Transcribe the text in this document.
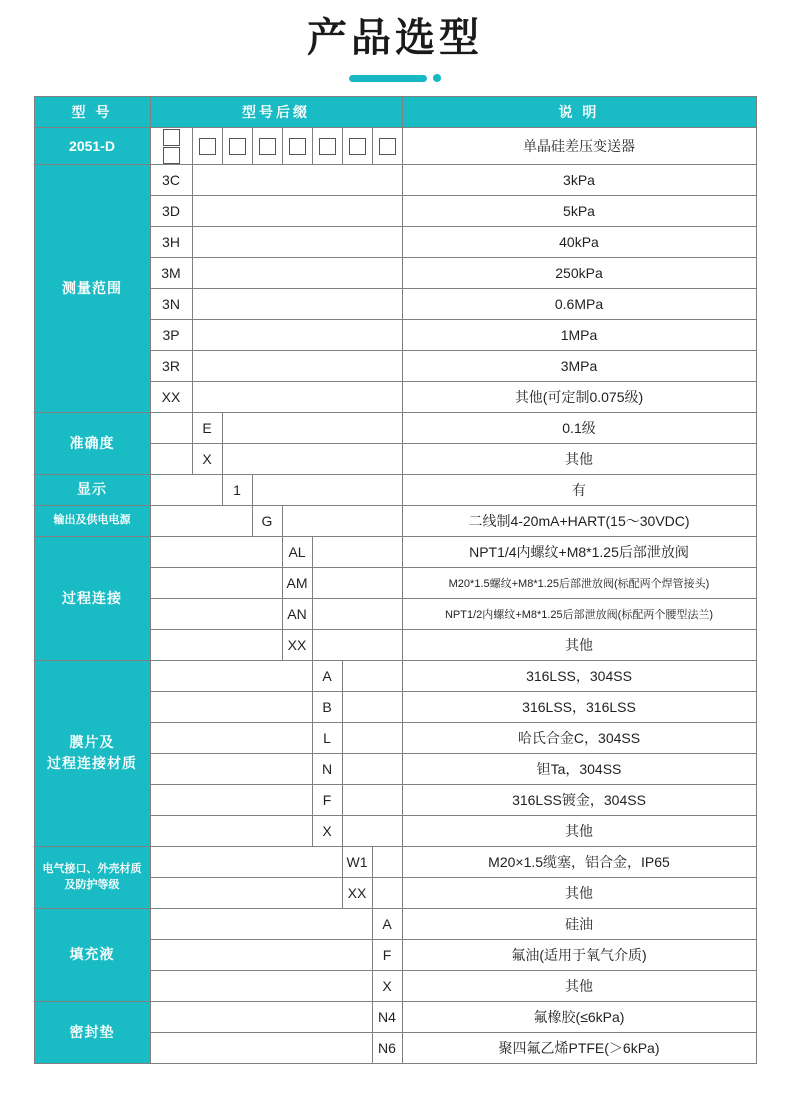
产品选型
型 号	型号后缀								说 明
2051-D									单晶硅差压变送器
测量范围	3C								3kPa
	3D								5kPa
	3H								40kPa
	3M								250kPa
	3N								0.6MPa
	3P								1MPa
	3R								3MPa
	XX								其他(可定制0.075级)
准确度		E							0.1级
		X							其他
显示			1						有
输出及供电电源				G					二线制4-20mA+HART(15～30VDC)
过程连接					AL				NPT1/4内螺纹+M8*1.25后部泄放阀
					AM				M20*1.5螺纹+M8*1.25后部泄放阀(标配两个焊管接头)
					AN				NPT1/2内螺纹+M8*1.25后部泄放阀(标配两个腰型法兰)
					XX				其他
膜片及
过程连接材质						A			316LSS，304SS
						B			316LSS，316LSS
						L			哈氏合金C，304SS
						N			钽Ta，304SS
						F			316LSS镀金，304SS
						X			其他
电气接口、外壳材质
及防护等级							W1		M20×1.5缆塞，铝合金，IP65
							XX		其他
填充液								A	硅油
								F	氟油(适用于氧气介质)
								X	其他
密封垫								N4	氟橡胶(≤6kPa)
								N6	聚四氟乙烯PTFE(＞6kPa)
